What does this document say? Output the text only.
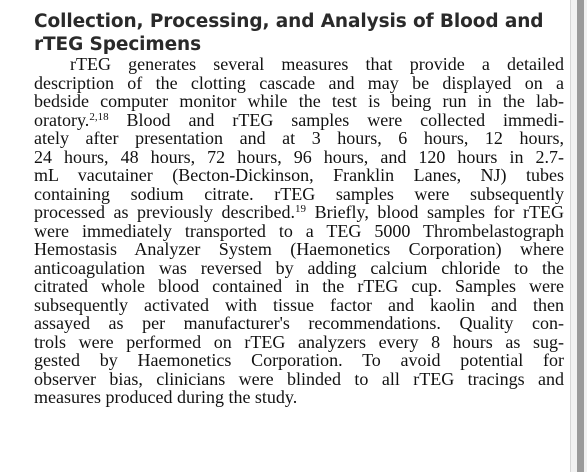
Collection, Processing, and Analysis of Blood and
rTEG Specimens
rTEG generates several measures that provide a detailed
description of the clotting cascade and may be displayed on a
bedside computer monitor while the test is being run in the lab-
oratory.$^{2,18}$ Blood and rTEG samples were collected immedi-
ately after presentation and at 3 hours, 6 hours, 12 hours,
24 hours, 48 hours, 72 hours, 96 hours, and 120 hours in 2.7-
mL vacutainer (Becton-Dickinson, Franklin Lanes, NJ) tubes
containing sodium citrate. rTEG samples were subsequently
processed as previously described.$^{19}$ Briefly, blood samples for rTEG
were immediately transported to a TEG 5000 Thrombelastograph
Hemostasis Analyzer System (Haemonetics Corporation) where
anticoagulation was reversed by adding calcium chloride to the
citrated whole blood contained in the rTEG cup. Samples were
subsequently activated with tissue factor and kaolin and then
assayed as per manufacturer's recommendations. Quality con-
trols were performed on rTEG analyzers every 8 hours as sug-
gested by Haemonetics Corporation. To avoid potential for
observer bias, clinicians were blinded to all rTEG tracings and
measures produced during the study.
